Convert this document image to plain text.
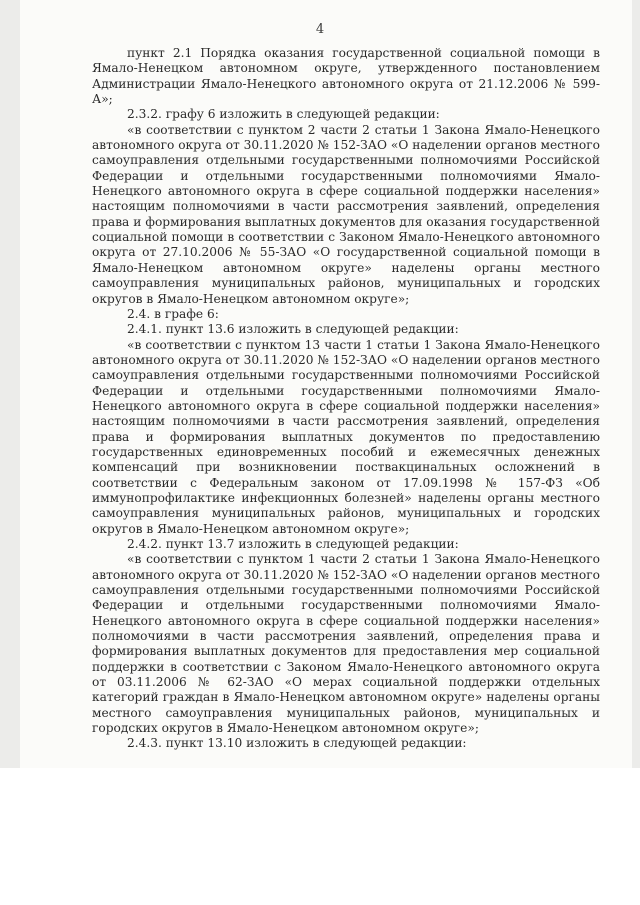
4

пункт 2.1 Порядка оказания государственной социальной помощи в Ямало-Ненецком автономном округе, утвержденного постановлением Администрации Ямало-Ненецкого автономного округа от 21.12.2006 № 599-А»;

2.3.2. графу 6 изложить в следующей редакции:

«в соответствии с пунктом 2 части 2 статьи 1 Закона Ямало-Ненецкого автономного округа от 30.11.2020 № 152-ЗАО «О наделении органов местного самоуправления отдельными государственными полномочиями Российской Федерации и отдельными государственными полномочиями Ямало-Ненецкого автономного округа в сфере социальной поддержки населения» настоящим полномочиями в части рассмотрения заявлений, определения права и формирования выплатных документов для оказания государственной социальной помощи в соответствии с Законом Ямало-Ненецкого автономного округа от 27.10.2006 № 55-ЗАО «О государственной социальной помощи в Ямало-Ненецком автономном округе» наделены органы местного самоуправления муниципальных районов, муниципальных и городских округов в Ямало-Ненецком автономном округе»;

2.4. в графе 6:

2.4.1. пункт 13.6 изложить в следующей редакции:

«в соответствии с пунктом 13 части 1 статьи 1 Закона Ямало-Ненецкого автономного округа от 30.11.2020 № 152-ЗАО «О наделении органов местного самоуправления отдельными государственными полномочиями Российской Федерации и отдельными государственными полномочиями Ямало-Ненецкого автономного округа в сфере социальной поддержки населения» настоящим полномочиями в части рассмотрения заявлений, определения права и формирования выплатных документов по предоставлению государственных единовременных пособий и ежемесячных денежных компенсаций при возникновении поствакцинальных осложнений в соответствии с Федеральным законом от 17.09.1998 № 157-ФЗ «Об иммунопрофилактике инфекционных болезней» наделены органы местного самоуправления муниципальных районов, муниципальных и городских округов в Ямало-Ненецком автономном округе»;

2.4.2. пункт 13.7 изложить в следующей редакции:

«в соответствии с пунктом 1 части 2 статьи 1 Закона Ямало-Ненецкого автономного округа от 30.11.2020 № 152-ЗАО «О наделении органов местного самоуправления отдельными государственными полномочиями Российской Федерации и отдельными государственными полномочиями Ямало-Ненецкого автономного округа в сфере социальной поддержки населения» полномочиями в части рассмотрения заявлений, определения права и формирования выплатных документов для предоставления мер социальной поддержки в соответствии с Законом Ямало-Ненецкого автономного округа от 03.11.2006 № 62-ЗАО «О мерах социальной поддержки отдельных категорий граждан в Ямало-Ненецком автономном округе» наделены органы местного самоуправления муниципальных районов, муниципальных и городских округов в Ямало-Ненецком автономном округе»;

2.4.3. пункт 13.10 изложить в следующей редакции:
